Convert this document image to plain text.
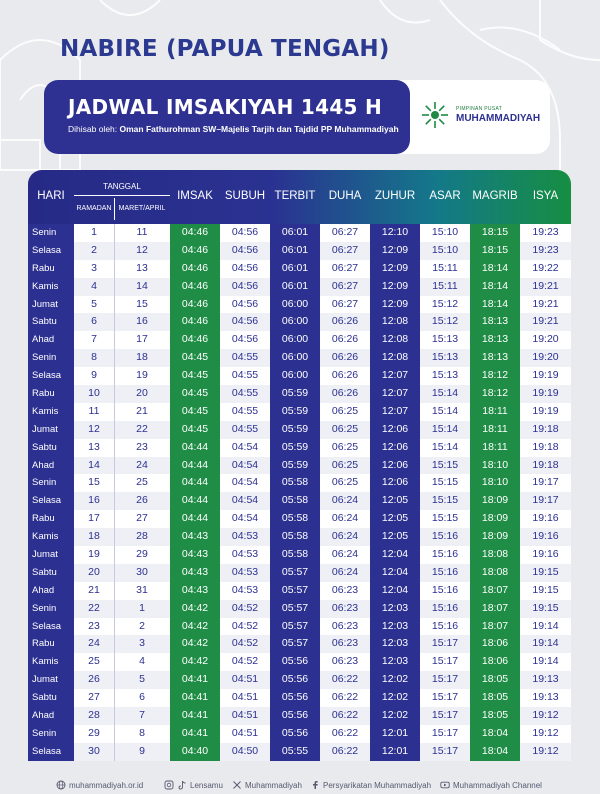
NABIRE (PAPUA TENGAH)
JADWAL IMSAKIYAH 1445 H
Dihisab oleh: Oman Fathurohman SW–Majelis Tarjih dan Tajdid PP Muhammadiyah
PIMPINAN PUSAT
MUHAMMADIYAH
HARI
TANGGAL
RAMADAN	MARET/APRIL
IMSAK	SUBUH TERBIT	DUHA	ZUHUR	ASAR	MAGRIB	ISYA
Senin	1	11	04:46	04:56	06:01	06:27	12:10	15:10	18:15	19:23
Selasa	2	12	04:46	04:56	06:01	06:27	12:09	15:10	18:15	19:23
Rabu	3	13	04:46	04:56	06:01	06:27	12:09	15:11	18:14	19:22
Kamis	4	14	04:46	04:56	06:01	06:27	12:09	15:11	18:14	19:21
Jumat	5	15	04:46	04:56	06:00	06:27	12:09	15:12	18:14	19:21
Sabtu	6	16	04:46	04:56	06:00	06:26	12:08	15:12	18:13	19:21
Ahad	7	17	04:46	04:56	06:00	06:26	12:08	15:13	18:13	19:20
Senin	8	18	04:45	04:55	06:00	06:26	12:08	15:13	18:13	19:20
Selasa	9	19	04:45	04:55	06:00	06:26	12:07	15:13	18:12	19:19
Rabu	10	20	04:45	04:55	05:59	06:26	12:07	15:14	18:12	19:19
Kamis	11	21	04:45	04:55	05:59	06:25	12:07	15:14	18:11	19:19
Jumat	12	22	04:45	04:55	05:59	06:25	12:06	15:14	18:11	19:18
Sabtu	13	23	04:44	04:54	05:59	06:25	12:06	15:14	18:11	19:18
Ahad	14	24	04:44	04:54	05:59	06:25	12:06	15:15	18:10	19:18
Senin	15	25	04:44	04:54	05:58	06:25	12:06	15:15	18:10	19:17
Selasa	16	26	04:44	04:54	05:58	06:24	12:05	15:15	18:09	19:17
Rabu	17	27	04:44	04:54	05:58	06:24	12:05	15:15	18:09	19:16
Kamis	18	28	04:43	04:53	05:58	06:24	12:05	15:16	18:09	19:16
Jumat	19	29	04:43	04:53	05:58	06:24	12:04	15:16	18:08	19:16
Sabtu	20	30	04:43	04:53	05:57	06:24	12:04	15:16	18:08	19:15
Ahad	21	31	04:43	04:53	05:57	06:23	12:04	15:16	18:07	19:15
Senin	22	1	04:42	04:52	05:57	06:23	12:03	15:16	18:07	19:15
Selasa	23	2	04:42	04:52	05:57	06:23	12:03	15:16	18:07	19:14
Rabu	24	3	04:42	04:52	05:57	06:23	12:03	15:17	18:06	19:14
Kamis	25	4	04:42	04:52	05:56	06:23	12:03	15:17	18:06	19:14
Jumat	26	5	04:41	04:51	05:56	06:22	12:02	15:17	18:05	19:13
Sabtu	27	6	04:41	04:51	05:56	06:22	12:02	15:17	18:05	19:13
Ahad	28	7	04:41	04:51	05:56	06:22	12:02	15:17	18:05	19:12
Senin	29	8	04:41	04:51	05:56	06:22	12:01	15:17	18:04	19:12
Selasa	30	9	04:40	04:50	05:55	06:22	12:01	15:17	18:04	19:12
muhammadiyah.or.id	Lensamu	Muhammadiyah	Persyarikatan Muhammadiyah	Muhammadiyah Channel
